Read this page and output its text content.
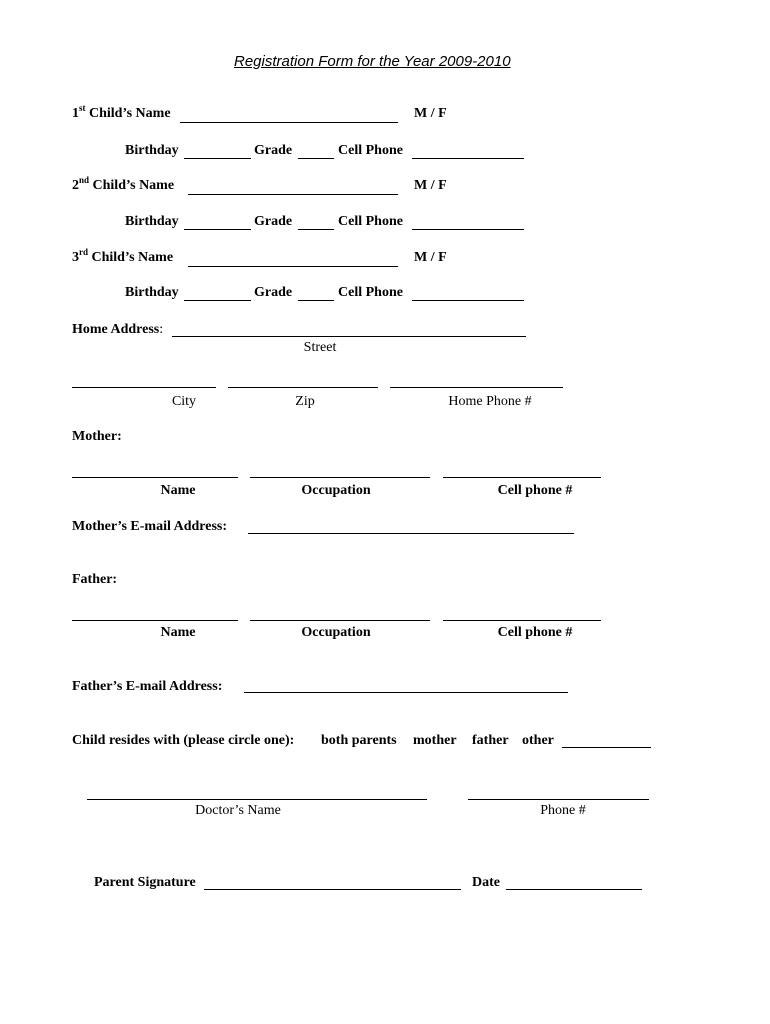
Registration Form for the Year 2009-2010
1st Child’s Name	M / F
Birthday	Grade	Cell Phone
2nd Child’s Name	M / F
Birthday	Grade	Cell Phone
3rd Child’s Name	M / F
Birthday	Grade	Cell Phone
Home Address:
Street
City	Zip	Home Phone #
Mother:
Name	Occupation	Cell phone #
Mother’s E-mail Address:
Father:
Name	Occupation	Cell phone #
Father’s E-mail Address:
Child resides with (please circle one): both parents mother father other
Doctor’s Name	Phone #
Parent Signature	Date
